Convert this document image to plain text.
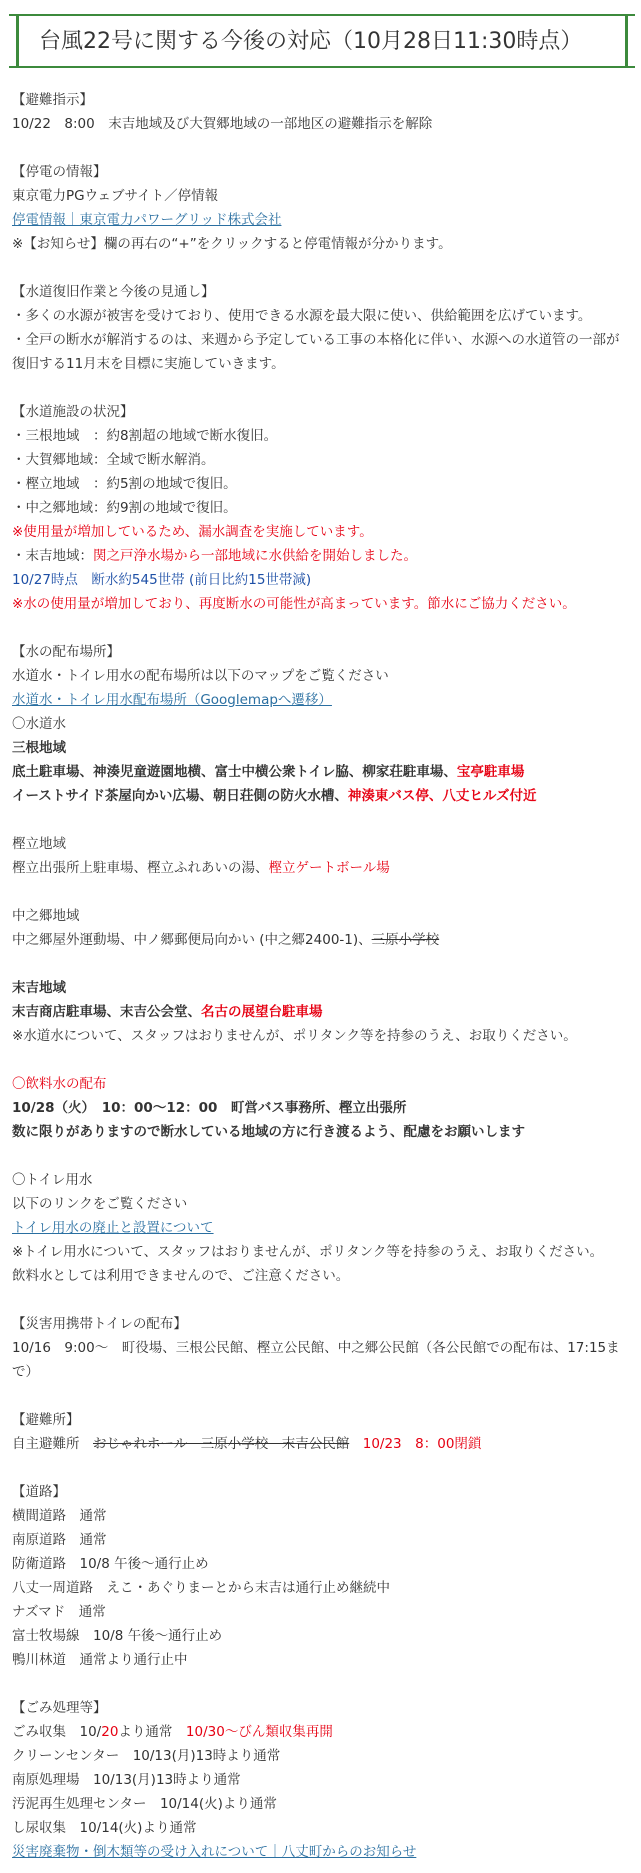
台風22号に関する今後の対応（10月28日11:30時点）
【避難指示】
10/22　8:00　末吉地域及び大賀郷地域の一部地区の避難指示を解除
【停電の情報】
東京電力PGウェブサイト／停情報
停電情報｜東京電力パワーグリッド株式会社
※【お知らせ】欄の再右の“+”をクリックすると停電情報が分かります。
【水道復旧作業と今後の見通し】
・多くの水源が被害を受けており、使用できる水源を最大限に使い、供給範囲を広げています。
・全戸の断水が解消するのは、来週から予定している工事の本格化に伴い、水源への水道管の一部が復旧する11月末を目標に実施していきます。
【水道施設の状況】
・三根地域　：約8割超の地域で断水復旧。
・大賀郷地域：全域で断水解消。
・樫立地域　：約5割の地域で復旧。
・中之郷地域：約9割の地域で復旧。
※使用量が増加しているため、漏水調査を実施しています。
・末吉地域：関之戸浄水場から一部地域に水供給を開始しました。
10/27時点　断水約545世帯 (前日比約15世帯減)
※水の使用量が増加しており、再度断水の可能性が高まっています。節水にご協力ください。
【水の配布場所】
水道水・トイレ用水の配布場所は以下のマップをご覧ください
水道水・トイレ用水配布場所（Googlemapへ遷移）
〇水道水
三根地域
底土駐車場、神湊児童遊園地横、富士中横公衆トイレ脇、柳家荘駐車場、宝亭駐車場
イーストサイド茶屋向かい広場、朝日荘側の防火水槽、神湊東バス停、八丈ヒルズ付近
樫立地域
樫立出張所上駐車場、樫立ふれあいの湯、樫立ゲートボール場
中之郷地域
中之郷屋外運動場、中ノ郷郵便局向かい (中之郷2400-1)、三原小学校
末吉地域
末吉商店駐車場、末吉公会堂、名古の展望台駐車場
※水道水について、スタッフはおりませんが、ポリタンク等を持参のうえ、お取りください。
〇飲料水の配布
10/28（火）　10：00～12：00　町営バス事務所、樫立出張所
数に限りがありますので断水している地域の方に行き渡るよう、配慮をお願いします
〇トイレ用水
以下のリンクをご覧ください
トイレ用水の廃止と設置について
※トイレ用水について、スタッフはおりませんが、ポリタンク等を持参のうえ、お取りください。
飲料水としては利用できませんので、ご注意ください。
【災害用携帯トイレの配布】
10/16　9:00～　町役場、三根公民館、樫立公民館、中之郷公民館（各公民館での配布は、17:15まで）
【避難所】
自主避難所　おじゃれホール　三原小学校　末吉公民館　10/23　8：00閉鎖
【道路】
横間道路　通常
南原道路　通常
防衛道路　10/8 午後～通行止め
八丈一周道路　えこ・あぐりまーとから末吉は通行止め継続中
ナズマド　通常
富士牧場線　10/8 午後～通行止め
鴨川林道　通常より通行止中
【ごみ処理等】
ごみ収集　10/20より通常　10/30～びん類収集再開
クリーンセンター　10/13(月)13時より通常
南原処理場　10/13(月)13時より通常
汚泥再生処理センター　10/14(火)より通常
し尿収集　10/14(火)より通常
災害廃棄物・倒木類等の受け入れについて｜八丈町からのお知らせ
